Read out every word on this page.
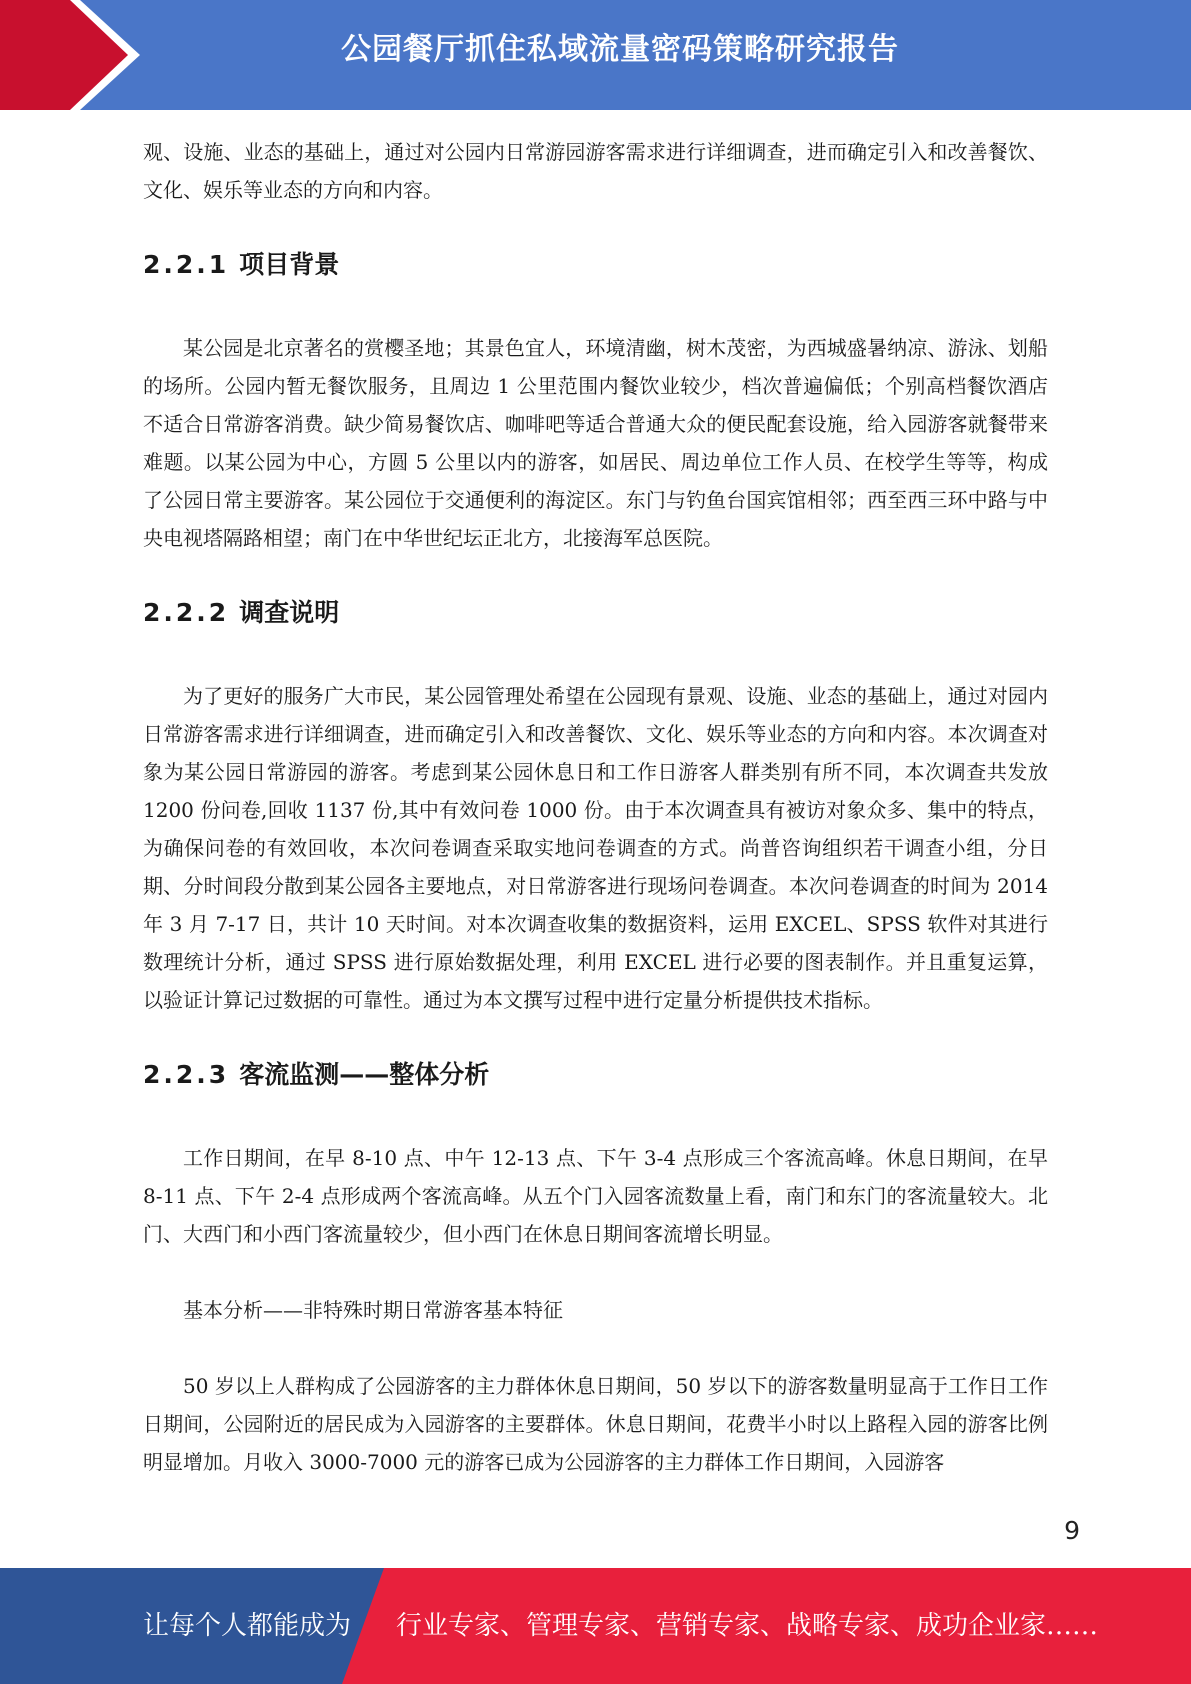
公园餐厅抓住私域流量密码策略研究报告

观、设施、业态的基础上，通过对公园内日常游园游客需求进行详细调查，进而确定引入和改善餐饮、文化、娱乐等业态的方向和内容。

2.2.1 项目背景

某公园是北京著名的赏樱圣地；其景色宜人，环境清幽，树木茂密，为西城盛暑纳凉、游泳、划船的场所。公园内暂无餐饮服务，且周边 1 公里范围内餐饮业较少，档次普遍偏低；个别高档餐饮酒店不适合日常游客消费。缺少简易餐饮店、咖啡吧等适合普通大众的便民配套设施，给入园游客就餐带来难题。以某公园为中心，方圆 5 公里以内的游客，如居民、周边单位工作人员、在校学生等等，构成了公园日常主要游客。某公园位于交通便利的海淀区。东门与钓鱼台国宾馆相邻；西至西三环中路与中央电视塔隔路相望；南门在中华世纪坛正北方，北接海军总医院。

2.2.2 调查说明

为了更好的服务广大市民，某公园管理处希望在公园现有景观、设施、业态的基础上，通过对园内日常游客需求进行详细调查，进而确定引入和改善餐饮、文化、娱乐等业态的方向和内容。本次调查对象为某公园日常游园的游客。考虑到某公园休息日和工作日游客人群类别有所不同，本次调查共发放 1200 份问卷,回收 1137 份,其中有效问卷 1000 份。由于本次调查具有被访对象众多、集中的特点，为确保问卷的有效回收，本次问卷调查采取实地问卷调查的方式。尚普咨询组织若干调查小组，分日期、分时间段分散到某公园各主要地点，对日常游客进行现场问卷调查。本次问卷调查的时间为 2014 年 3 月 7-17 日，共计 10 天时间。对本次调查收集的数据资料，运用 EXCEL、SPSS 软件对其进行数理统计分析，通过 SPSS 进行原始数据处理，利用 EXCEL 进行必要的图表制作。并且重复运算，以验证计算记过数据的可靠性。通过为本文撰写过程中进行定量分析提供技术指标。

2.2.3 客流监测——整体分析

工作日期间，在早 8-10 点、中午 12-13 点、下午 3-4 点形成三个客流高峰。休息日期间，在早 8-11 点、下午 2-4 点形成两个客流高峰。从五个门入园客流数量上看，南门和东门的客流量较大。北门、大西门和小西门客流量较少，但小西门在休息日期间客流增长明显。

基本分析——非特殊时期日常游客基本特征

50 岁以上人群构成了公园游客的主力群体休息日期间，50 岁以下的游客数量明显高于工作日工作日期间，公园附近的居民成为入园游客的主要群体。休息日期间，花费半小时以上路程入园的游客比例明显增加。月收入 3000-7000 元的游客已成为公园游客的主力群体工作日期间，入园游客

9
让每个人都能成为 行业专家、管理专家、营销专家、战略专家、成功企业家……
